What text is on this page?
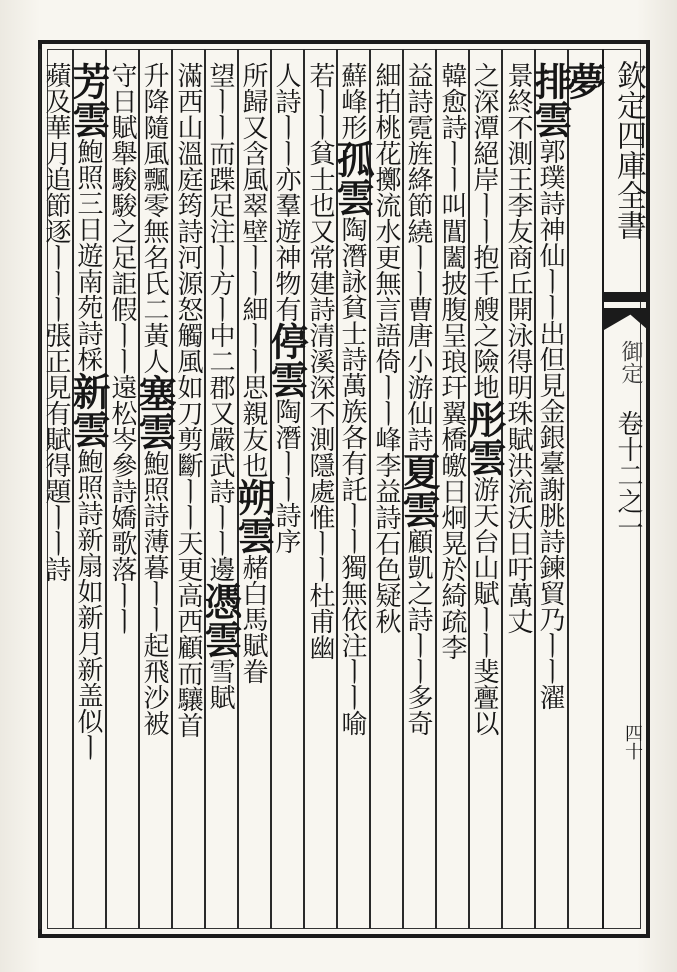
欽定四庫全書
御定
卷十二之一
四十
夢
排雲郭璞詩神仙ㅣㅣ出但見金銀臺謝朓詩鍊貿乃ㅣㅣ濯
景終不測王李友商丘開泳得明珠賦洪流沃日吁萬丈
之深潭絕岸ㅣㅣ抱千艘之險地彤雲游天台山賦ㅣㅣ斐亹以
韓愈詩ㅣㅣ叫閶闔披腹呈琅玕翼橋皦日炯晃於綺疏李
益詩霓旌絳節繞ㅣㅣ曹唐小游仙詩夏雲顧凱之詩ㅣㅣ多奇
細拍桃花擲流水更無言語倚ㅣㅣ峰李益詩石色疑秋
蘚峰形孤雲陶潛詠貧士詩萬族各有託ㅣㅣ獨無依注ㅣㅣ喻
若ㅣㅣ貧士也又常建詩清溪深不測隱處惟ㅣㅣ杜甫幽
人詩ㅣㅣ亦羣遊神物有停雲陶潛ㅣㅣ詩序
所歸又含風翠壁ㅣㅣ細ㅣㅣ思親友也朔雲赭白馬賦眷
望ㅣㅣ而蹀足注ㅣ方ㅣ中二郡又嚴武詩ㅣㅣ邊憑雲雪賦
滿西山溫庭筠詩河源怒觸風如刀剪斷ㅣㅣ天更高西顧而驤首
升降隨風飄零無名氏二黃人塞雲鮑照詩薄暮ㅣㅣ起飛沙被
守日賦舉駿駿之足詎假ㅣㅣ遠松岑參詩嬌歌落ㅣㅣ
芳雲鮑照三日遊南苑詩棌新雲鮑照詩新扇如新月新盖似ㅣ
蘋及華月追節逐ㅣㅣㅣ張正見有賦得題ㅣㅣ詩
